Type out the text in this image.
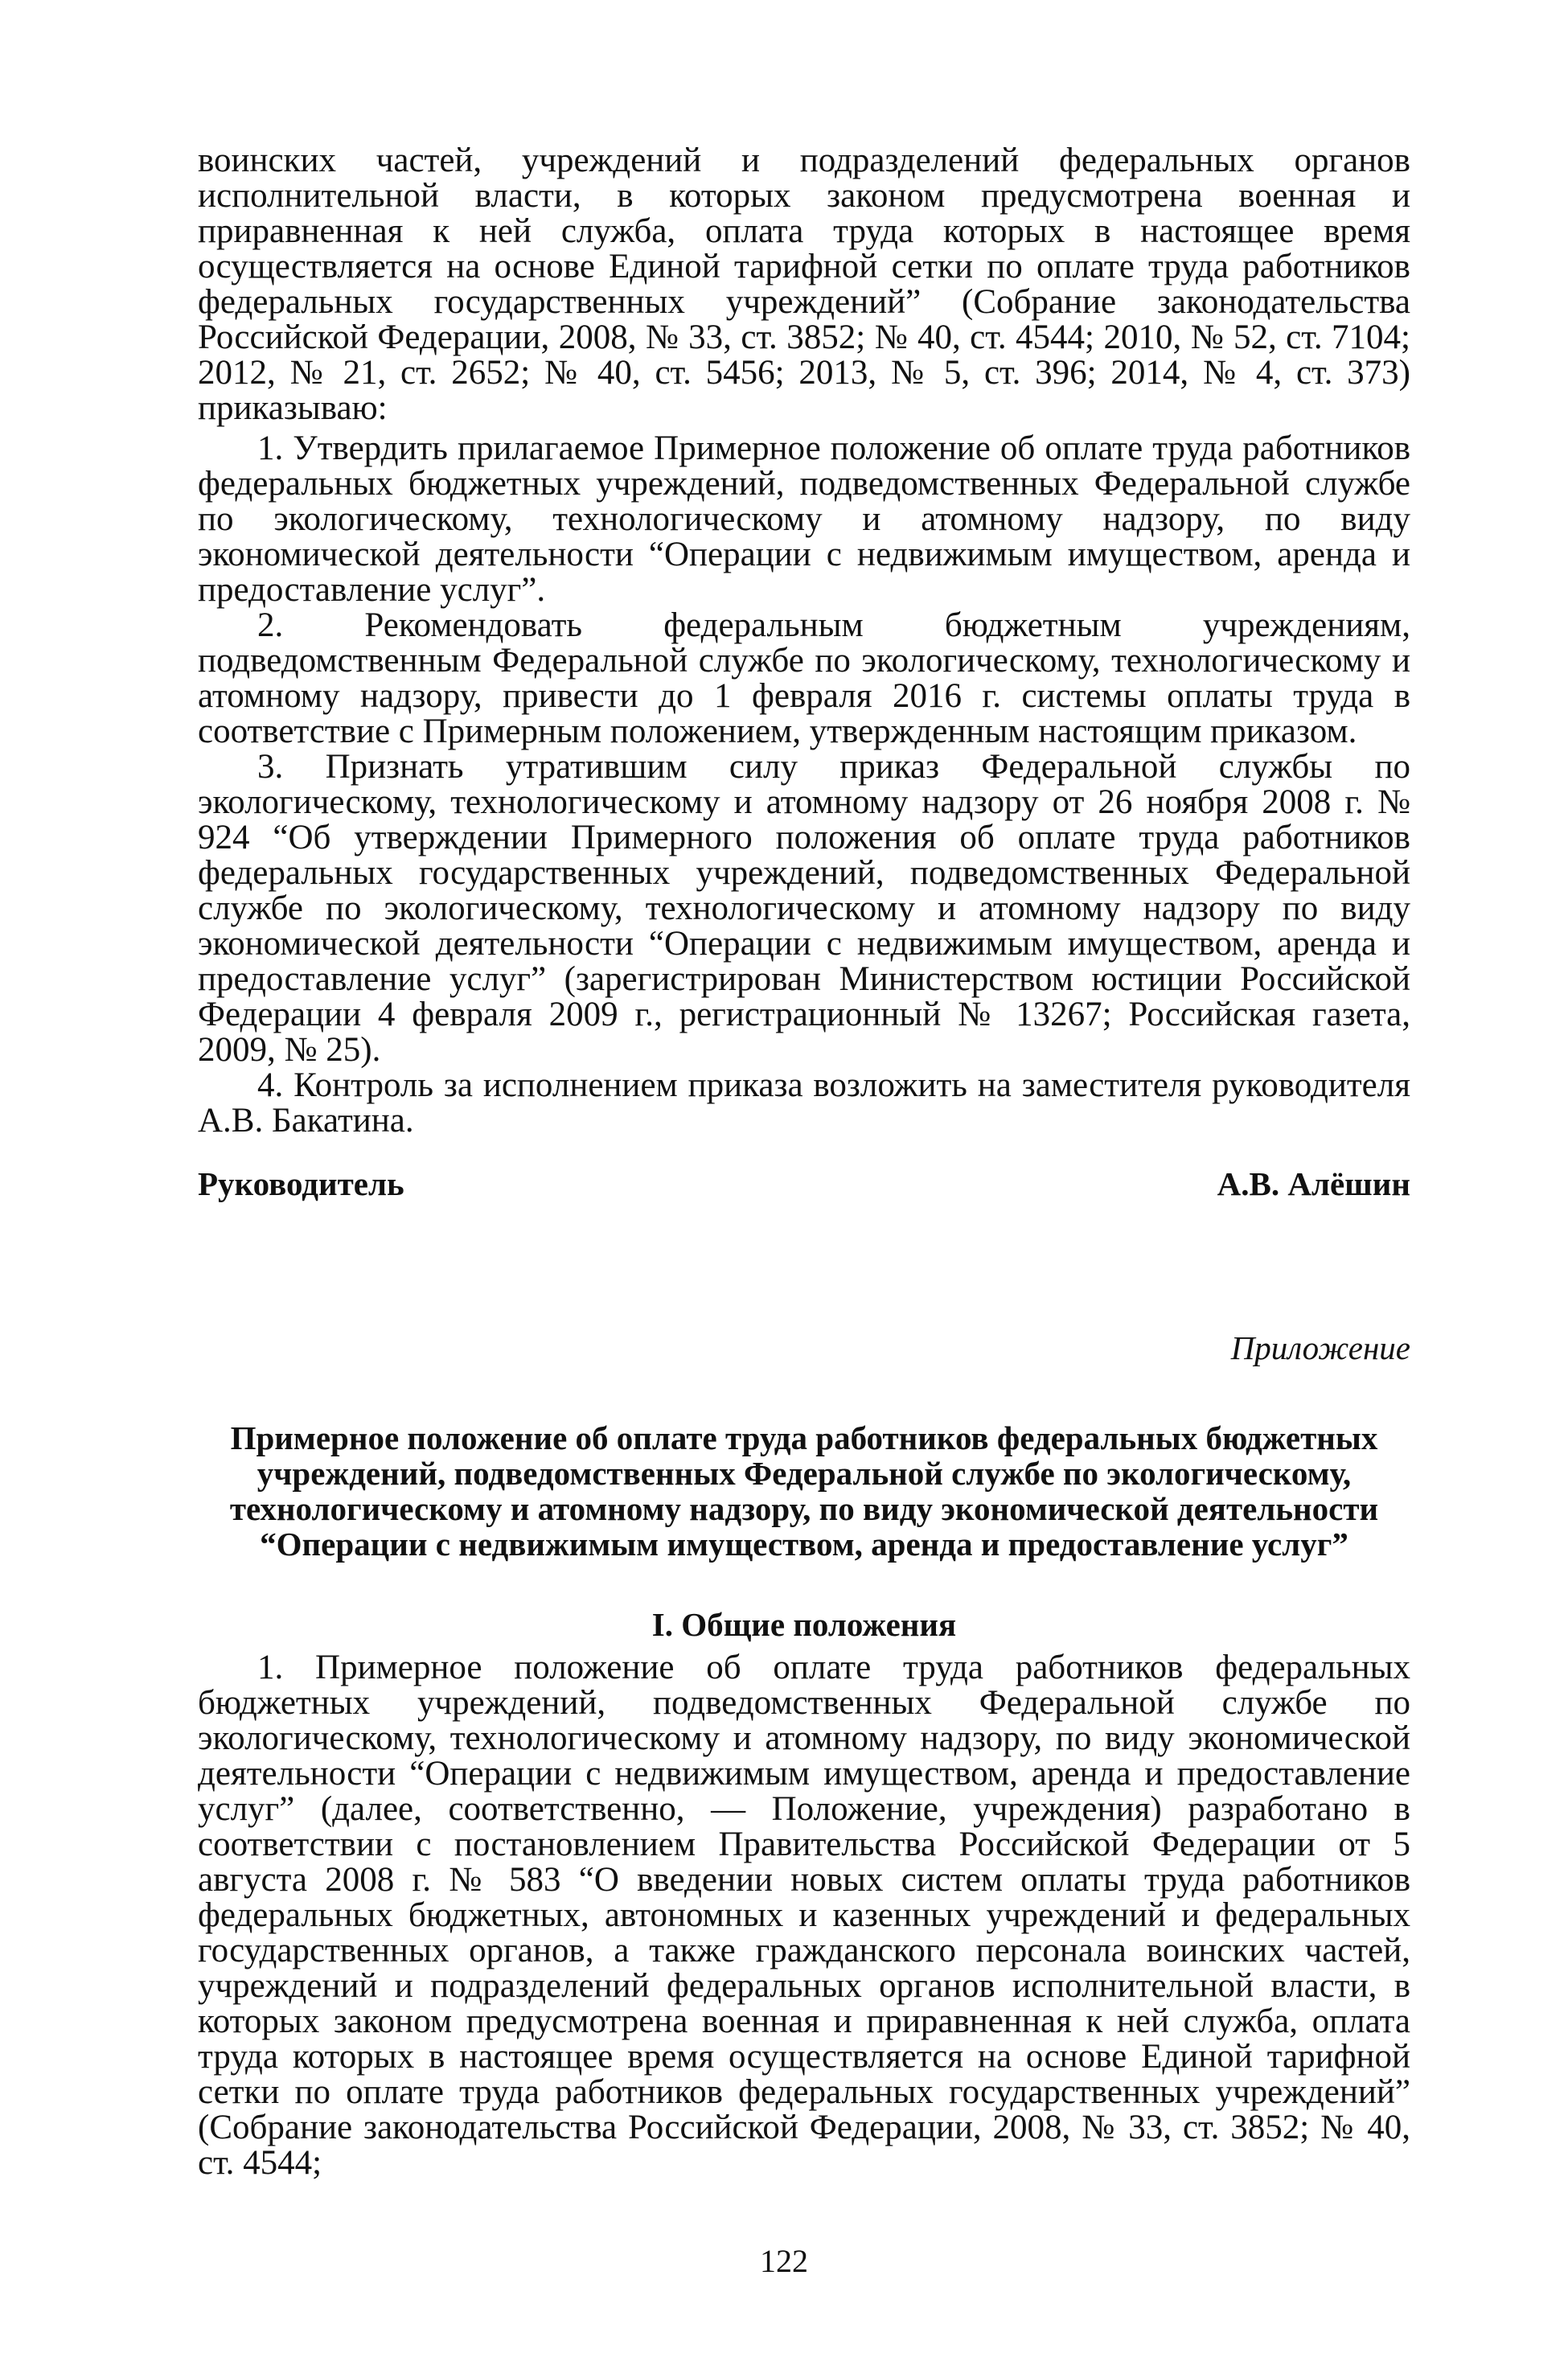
воинских частей, учреждений и подразделений федеральных органов исполнительной власти, в которых законом предусмотрена военная и приравненная к ней служба, оплата труда которых в настоящее время осуществляется на основе Единой тарифной сетки по оплате труда работников федеральных государственных учреждений” (Собрание законодательства Российской Федерации, 2008, № 33, ст. 3852; № 40, ст. 4544; 2010, № 52, ст. 7104; 2012, № 21, ст. 2652; № 40, ст. 5456; 2013, № 5, ст. 396; 2014, № 4, ст. 373) приказываю:

1. Утвердить прилагаемое Примерное положение об оплате труда работников федеральных бюджетных учреждений, подведомственных Федеральной службе по экологическому, технологическому и атомному надзору, по виду экономической деятельности “Операции с недвижимым имуществом, аренда и предоставление услуг”.

2. Рекомендовать федеральным бюджетным учреждениям, подведомственным Федеральной службе по экологическому, технологическому и атомному надзору, привести до 1 февраля 2016 г. системы оплаты труда в соответствие с Примерным положением, утвержденным настоящим приказом.

3. Признать утратившим силу приказ Федеральной службы по экологическому, технологическому и атомному надзору от 26 ноября 2008 г. № 924 “Об утверждении Примерного положения об оплате труда работников федеральных государственных учреждений, подведомственных Федеральной службе по экологическому, технологическому и атомному надзору по виду экономической деятельности “Операции с недвижимым имуществом, аренда и предоставление услуг” (зарегистрирован Министерством юстиции Российской Федерации 4 февраля 2009 г., регистрационный № 13267; Российская газета, 2009, № 25).

4. Контроль за исполнением приказа возложить на заместителя руководителя А.В. Бакатина.

Руководитель	А.В. Алёшин
Приложение
Примерное положение об оплате труда работников федеральных бюджетных учреждений, подведомственных Федеральной службе по экологическому, технологическому и атомному надзору, по виду экономической деятельности “Операции с недвижимым имуществом, аренда и предоставление услуг”
I. Общие положения

1. Примерное положение об оплате труда работников федеральных бюджетных учреждений, подведомственных Федеральной службе по экологическому, технологическому и атомному надзору, по виду экономической деятельности “Операции с недвижимым имуществом, аренда и предоставление услуг” (далее, соответственно, — Положение, учреждения) разработано в соответствии с постановлением Правительства Российской Федерации от 5 августа 2008 г. № 583 “О введении новых систем оплаты труда работников федеральных бюджетных, автономных и казенных учреждений и федеральных государственных органов, а также гражданского персонала воинских частей, учреждений и подразделений федеральных органов исполнительной власти, в которых законом предусмотрена военная и приравненная к ней служба, оплата труда которых в настоящее время осуществляется на основе Единой тарифной сетки по оплате труда работников федеральных государственных учреждений” (Собрание законодательства Российской Федерации, 2008, № 33, ст. 3852; № 40, ст. 4544;

122
